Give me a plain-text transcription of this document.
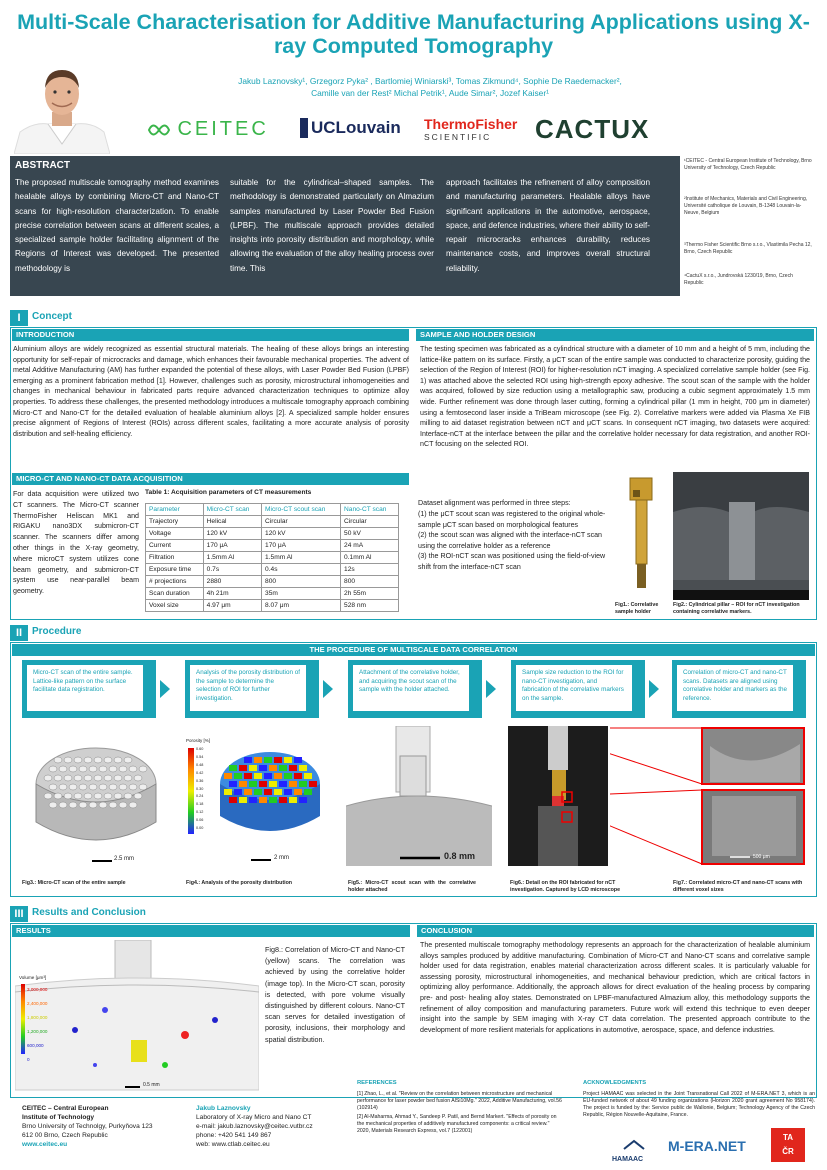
Multi-Scale Characterisation for Additive Manufacturing Applications using X-ray Computed Tomography
Jakub Laznovsky¹, Grzegorz Pyka² , Bartlomiej Winiarski³, Tomas Zikmund⁴, Sophie De Raedemacker²,
Camille van der Rest² Michal Petrik¹, Aude Simar², Jozef Kaiser¹
CEITEC	UCLouvain ThermoFisher
SCIENTIFIC	CACTUX
ABSTRACT
The proposed multiscale tomography method examines healable alloys by combining Micro-CT and Nano-CT scans for high-resolution characterization. To enable precise correlation between scans at different scales, a specialized sample holder facilitating alignment of the Regions of Interest was developed. The presented methodology is
suitable for the cylindrical–shaped samples. The methodology is demonstrated particularly on Almazium samples manufactured by Laser Powder Bed Fusion (LPBF). The multiscale approach provides detailed insights into porosity distribution and morphology, while allowing the evaluation of the alloy healing process over time. This
approach facilitates the refinement of alloy composition and manufacturing parameters. Healable alloys have significant applications in the automotive, aerospace, space, and defence industries, where their ability to self-repair microcracks enhances durability, reduces maintenance costs, and improves overall structural reliability.

¹CEITEC - Central European Institute of Technology, Brno University of Technology, Czech Republic

²Institute of Mechanics, Materials and Civil Engineering, Université catholique de Louvain, B-1348 Louvain-la-Neuve, Belgium

³Thermo Fisher Scientific Brno s.r.o., Vlastimila Pecha 12, Brno, Czech Republic

⁴CactuX s.r.o., Jundrovská 1230/19, Brno, Czech Republic

I	Concept
INTRODUCTION
Aluminium alloys are widely recognized as essential structural materials. The healing of these alloys brings an interesting opportunity for self-repair of microcracks and damage, which enhances their favourable mechanical properties. The advent of metal Additive Manufacturing (AM) has further expanded the potential of these alloys, with Laser Powder Bed Fusion (LPBF) emerging as a prominent fabrication method [1]. However, challenges such as porosity, microstructural inhomogeneities and changes in mechanical behaviour in fabricated parts require advanced characterization techniques to optimize alloy properties. To address these challenges, the presented methodology introduces a multiscale tomography approach combining Micro-CT and Nano-CT for the detailed evaluation of healable aluminium alloys [2]. A specialized sample holder ensures precise alignment of Regions of Interest (ROIs) across different scales, facilitating a more accurate analysis of porosity distribution and self-healing efficiency.
MICRO-CT AND NANO-CT DATA ACQUISITION
For data acquisition were utilized two CT scanners. The Micro-CT scanner ThermoFisher Heliscan MK1 and RIGAKU nano3DX submicron-CT scanner. The scanners differ among other things in the X-ray geometry, where microCT system utilizes cone beam geometry, and submicron-CT system use near-parallel beam geometry.
Table 1: Acquisition parameters of CT measurements
Parameter	Micro-CT scan	Micro-CT scout scan	Nano-CT scan
Trajectory	Helical	Circular	Circular
Voltage	120 kV	120 kV	50 kV
Current	170 μA	170 μA	24 mA
Filtration	1.5mm Al	1.5mm Al	0.1mm Al
Exposure time	0.7s	0.4s	12s
# projections	2880	800	800
Scan duration	4h 21m	35m	2h 55m
Voxel size	4.97 μm	8.07 μm	528 nm
SAMPLE AND HOLDER DESIGN
The testing specimen was fabricated as a cylindrical structure with a diameter of 10 mm and a height of 5 mm, including the lattice-like pattern on its surface. Firstly, a μCT scan of the entire sample was conducted to characterize porosity, guiding the selection of the Region of Interest (ROI) for higher-resolution nCT imaging. A specialized correlative sample holder (see Fig. 1) was attached above the selected ROI using high-strength epoxy adhesive. The scout scan of the sample with the holder was acquired, followed by size reduction using a metallographic saw, producing a cubic segment approximately 1.5 mm wide. Further refinement was done through laser cutting, forming a cylindrical pillar (1 mm in height, 700 μm in diameter) using a femtosecond laser inside a TriBeam microscope (see Fig. 2). Correlative markers were added via Plasma Xe FIB milling to aid dataset registration between nCT and μCT scans. In consequent nCT imaging, two datasets were acquired: Interface-nCT at the interface between the pillar and the correlative holder necessary for data registration, and another ROI-nCT focusing on the selected ROI.
Dataset alignment was performed in three steps:
(1) the μCT scout scan was registered to the original whole-sample μCT scan based on morphological features
(2) the scout scan was aligned with the interface-nCT scan using the correlative holder as a reference
(3) the ROI-nCT scan was positioned using the field-of-view shift from the interface-nCT scan
Fig1.: Correlative sample holder
Fig2.: Cylindrical pillar – ROI for nCT investigation containing correlative markers.
II Procedure
THE PROCEDURE OF MULTISCALE DATA CORRELATION
Micro-CT scan of the entire sample. Lattice-like pattern on the surface facilitate data registration.
Analysis of the porosity distribution of the sample to determine the selection of ROI for further investigation.
Attachment of the correlative holder, and acquiring the scout scan of the sample with the holder attached.
Sample size reduction to the ROI for nano-CT investigation, and fabrication of the correlative markers on the sample.
Correlation of micro-CT and nano-CT scans. Datasets are aligned using correlative holder and markers as the reference.
2.5 mm
Porosity [%]
0.60
0.54
0.48
0.42
0.36
0.30
0.24
0.18
0.12
0.06
0.00
2 mm	0.8 mm	500 μm
Fig3.: Micro-CT scan of the entire sample	Fig4.: Analysis of the porosity distribution	Fig5.: Micro-CT scout scan with the correlative holder attached
Fig6.: Detail on the ROI fabricated for nCT investigation. Captured by LCD microscope
Fig7.: Correlated micro-CT and nano-CT scans with different voxel sizes
III Results and Conclusion
RESULTS
Volume [μm³]
3,000,000
2,400,000
1,800,000
1,200,000
600,000
0
0.5 mm
Fig8.: Correlation of Micro-CT and Nano-CT (yellow) scans. The correlation was achieved by using the correlative holder (image top). In the Micro-CT scan, porosity is detected, with pore volume visually distinguished by different colours. Nano-CT scan serves for detailed investigation of porosity, inclusions, their morphology and spatial distribution.
CONCLUSION
The presented multiscale tomography methodology represents an approach for the characterization of healable aluminium alloys samples produced by additive manufacturing. Combination of Micro-CT and Nano-CT scans and correlative sample holder used for data registration, enables material characterization across different scales. It is particularly valuable for assessing porosity, microstructural inhomogeneities, and mechanical behaviour prediction, which are critical factors in optimizing alloy performance. Additionally, the approach allows for direct evaluation of the healing process by comparing pre- and post- healing alloy states. Demonstrated on LPBF-manufactured Almazium alloy, this methodology supports the refinement of alloy composition and manufacturing parameters. Future work will extend this technique to even deeper insight into the sample by SEM imaging with X-ray CT data correlation. The presented approach contribute to the development of more resilient materials for applications in automotive, aerospace, space, and defence industries.
REFERENCES
[1] Zhao, L., et al. "Review on the correlation between microstructure and mechanical performance for laser powder bed fusion AlSi10Mg." 2022, Additive Manufacturing, vol.56 (102914)
[2] Al-Maharma, Ahmad Y., Sandeep P. Patil, and Bernd Markert. "Effects of porosity on the mechanical properties of additively manufactured components: a critical review." 2020, Materials Research Express, vol.7 (122001)
ACKNOWLEDGMENTS
Project HAMAAC was selected in the Joint Transnational Call 2022 of M-ERA.NET 3, which is an EU-funded network of about 49 funding organizations (Horizon 2020 grant agreement No 958174). The project is funded by the: Service public de Wallonie, Belgium; Technology Agency of the Czech Republic, Région Nouvelle-Aquitaine, France.
CEITEC – Central European
Institute of Technology
Brno University of Technolgy, Purkyňova 123
612 00 Brno, Czech Republic
www.ceitec.eu
Jakub Laznovsky
Laboratory of X-ray Micro and Nano CT
e-mail: jakub.laznovsky@ceitec.vutbr.cz
phone: +420 541 149 867
web: www.ctlab.ceitec.eu
HAMAAC
M-ERA.NET
TA
ČR
